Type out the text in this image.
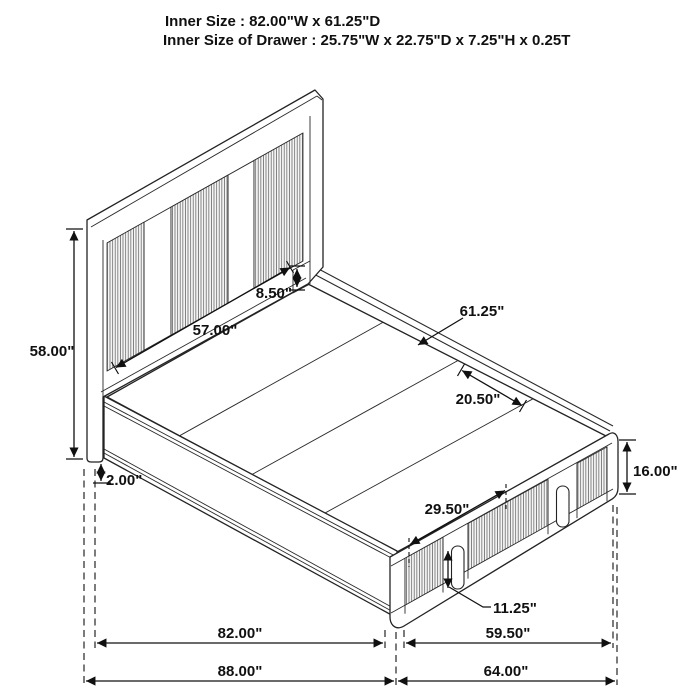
Inner Size : 82.00"W x 61.25"D
Inner Size of Drawer : 25.75"W x 22.75"D x 7.25"H x 0.25T
58.00"
2.00"
57.00"
8.50"
61.25"
20.50"
16.00"
29.50"
11.25"
82.00"	59.50"
88.00"	64.00"
